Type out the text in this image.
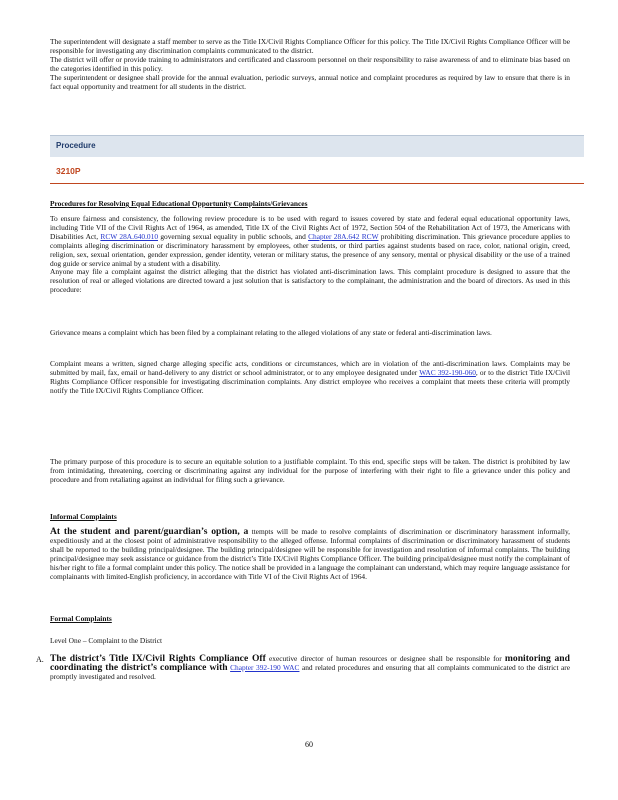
The superintendent will designate a staff member to serve as the Title IX/Civil Rights Compliance Officer for this policy. The Title IX/Civil Rights Compliance Officer will be responsible for investigating any discrimination complaints communicated to the district.

The district will offer or provide training to administrators and certificated and classroom personnel on their responsibility to raise awareness of and to eliminate bias based on the categories identified in this policy.

The superintendent or designee shall provide for the annual evaluation, periodic surveys, annual notice and complaint procedures as required by law to ensure that there is in fact equal opportunity and treatment for all students in the district.

Procedure
3210P
Procedures for Resolving Equal Educational Opportunity Complaints/Grievances

To ensure fairness and consistency, the following review procedure is to be used with regard to issues covered by state and federal equal educational opportunity laws, including Title VII of the Civil Rights Act of 1964, as amended, Title IX of the Civil Rights Act of 1972, Section 504 of the Rehabilitation Act of 1973, the Americans with Disabilities Act, RCW 28A.640.010 governing sexual equality in public schools, and Chapter 28A.642 RCW prohibiting discrimination. This grievance procedure applies to complaints alleging discrimination or discriminatory harassment by employees, other students, or third parties against students based on race, color, national origin, creed, religion, sex, sexual orientation, gender expression, gender identity, veteran or military status, the presence of any sensory, mental or physical disability or the use of a trained dog guide or service animal by a student with a disability.

Anyone may file a complaint against the district alleging that the district has violated anti-discrimination laws. This complaint procedure is designed to assure that the resolution of real or alleged violations are directed toward a just solution that is satisfactory to the complainant, the administration and the board of directors. As used in this procedure:

Grievance means a complaint which has been filed by a complainant relating to the alleged violations of any state or federal anti-discrimination laws.

Complaint means a written, signed charge alleging specific acts, conditions or circumstances, which are in violation of the anti-discrimination laws. Complaints may be submitted by mail, fax, email or hand-delivery to any district or school administrator, or to any employee designated under WAC 392-190-060, or to the district Title IX/Civil Rights Compliance Officer responsible for investigating discrimination complaints. Any district employee who receives a complaint that meets these criteria will promptly notify the Title IX/Civil Rights Compliance Officer.

The primary purpose of this procedure is to secure an equitable solution to a justifiable complaint. To this end, specific steps will be taken. The district is prohibited by law from intimidating, threatening, coercing or discriminating against any individual for the purpose of interfering with their right to file a grievance under this policy and procedure and from retaliating against an individual for filing such a grievance.
Informal Complaints

At the student and parent/guardian’s option, a ttempts will be made to resolve complaints of discrimination or discriminatory harassment informally, expeditiously and at the closest point of administrative responsibility to the alleged offense. Informal complaints of discrimination or discriminatory harassment of students shall be reported to the building principal/designee. The building principal/designee will be responsible for investigation and resolution of informal complaints. The building principal/designee may seek assistance or guidance from the district’s Title IX/Civil Rights Compliance Officer. The building principal/designee must notify the complainant of his/her right to file a formal complaint under this policy. The notice shall be provided in a language the complainant can understand, which may require language assistance for complainants with limited-English proficiency, in accordance with Title VI of the Civil Rights Act of 1964.

Formal Complaints
Level One – Complaint to the District
A. The district’s Title IX/Civil Rights Compliance Off executive director of human resources or designee shall be responsible for monitoring and coordinating the district’s compliance with Chapter 392-190 WAC and related procedures and ensuring that all complaints communicated to the district are promptly investigated and resolved.

60
